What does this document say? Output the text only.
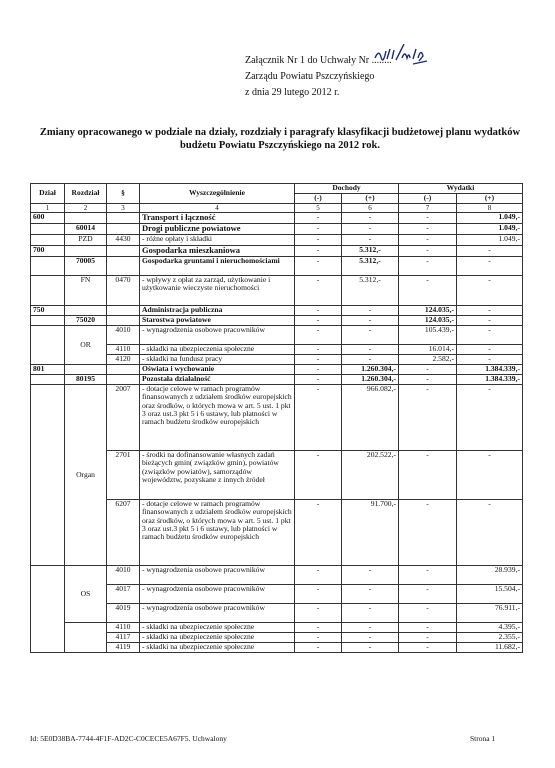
Załącznik Nr 1 do Uchwały Nr ........
Zarządu Powiatu Pszczyńskiego
z dnia 29 lutego 2012 r.
Zmiany opracowanego w podziale na działy, rozdziały i paragrafy klasyfikacji budżetowej planu wydatków
budżetu Powiatu Pszczyńskiego na 2012 rok.
Dział	Rozdział	§	Wyszczególnienie	Dochody		Wydatki	
				(-)	(+)	(-)	(+)
1	2	3	4	5	6	7	8
600			Transport i łączność	-	-	-	1.049,-
	60014		Drogi publiczne powiatowe	-	-	-	1.049,-
	PZD	4430	- różne opłaty i składki	-	-	-	1.049,-
700			Gospodarka mieszkaniowa	-	5.312,-	-	-
	70005		Gospodarka gruntami i nieruchomościami	-	5.312,-	-	-
	FN	0470	- wpływy z opłat za zarząd, użytkowanie i użytkowanie wieczyste nieruchomości	-	5.312,-	-	-
750			Administracja publiczna	-	-	124.035,-	-
	75020		Starostwa powiatowe	-	-	124.035,-	-
	OR	4010	- wynagrodzenia osobowe pracowników	-	-	105.439,-	-
		4110	- składki na ubezpieczenia społeczne	-	-	16.014,-	-
		4120	- składki na fundusz pracy	-	-	2.582,-	-
801			Oświata i wychowanie	-	1.260.304,-	-	1.384.339,-
	80195		Pozostała działalność	-	1.260.304,-	-	1.384.339,-
	Organ	2007	- dotacje celowe w ramach programów finansowanych z udziałem środków europejskich oraz środków, o których mowa w art. 5 ust. 1 pkt 3 oraz ust.3 pkt 5 i 6 ustawy, lub płatności w ramach budżetu środków europejskich	-	966.082,-	-	-
		2701	- środki na dofinansowanie własnych zadań bieżących gmin( związków gmin), powiatów (związków powiatów), samorządów województw, pozyskane z innych źródeł	-	202.522,-	-	-
		6207	- dotacje celowe w ramach programów finansowanych z udziałem środków europejskich oraz środków, o których mowa w art. 5 ust. 1 pkt 3 oraz ust.3 pkt 5 i 6 ustawy, lub płatności w ramach budżetu środków europejskich	-	91.700,-	-	-
	OS	4010	- wynagrodzenia osobowe pracowników	-	-	-	28.939,-
		4017	- wynagrodzenia osobowe pracowników	-	-	-	15.504,-
		4019	- wynagrodzenia osobowe pracowników	-	-	-	76.911,-
		4110	- składki na ubezpieczenie społeczne	-	-	-	4.395,-
		4117	- składki na ubezpieczenie społeczne	-	-	-	2.355,-
		4119	- składki na ubezpieczenie społeczne	-	-	-	11.682,-
Id: 5E0D38BA-7744-4F1F-AD2C-C0CECE5A67F5. Uchwalony	Strona 1
